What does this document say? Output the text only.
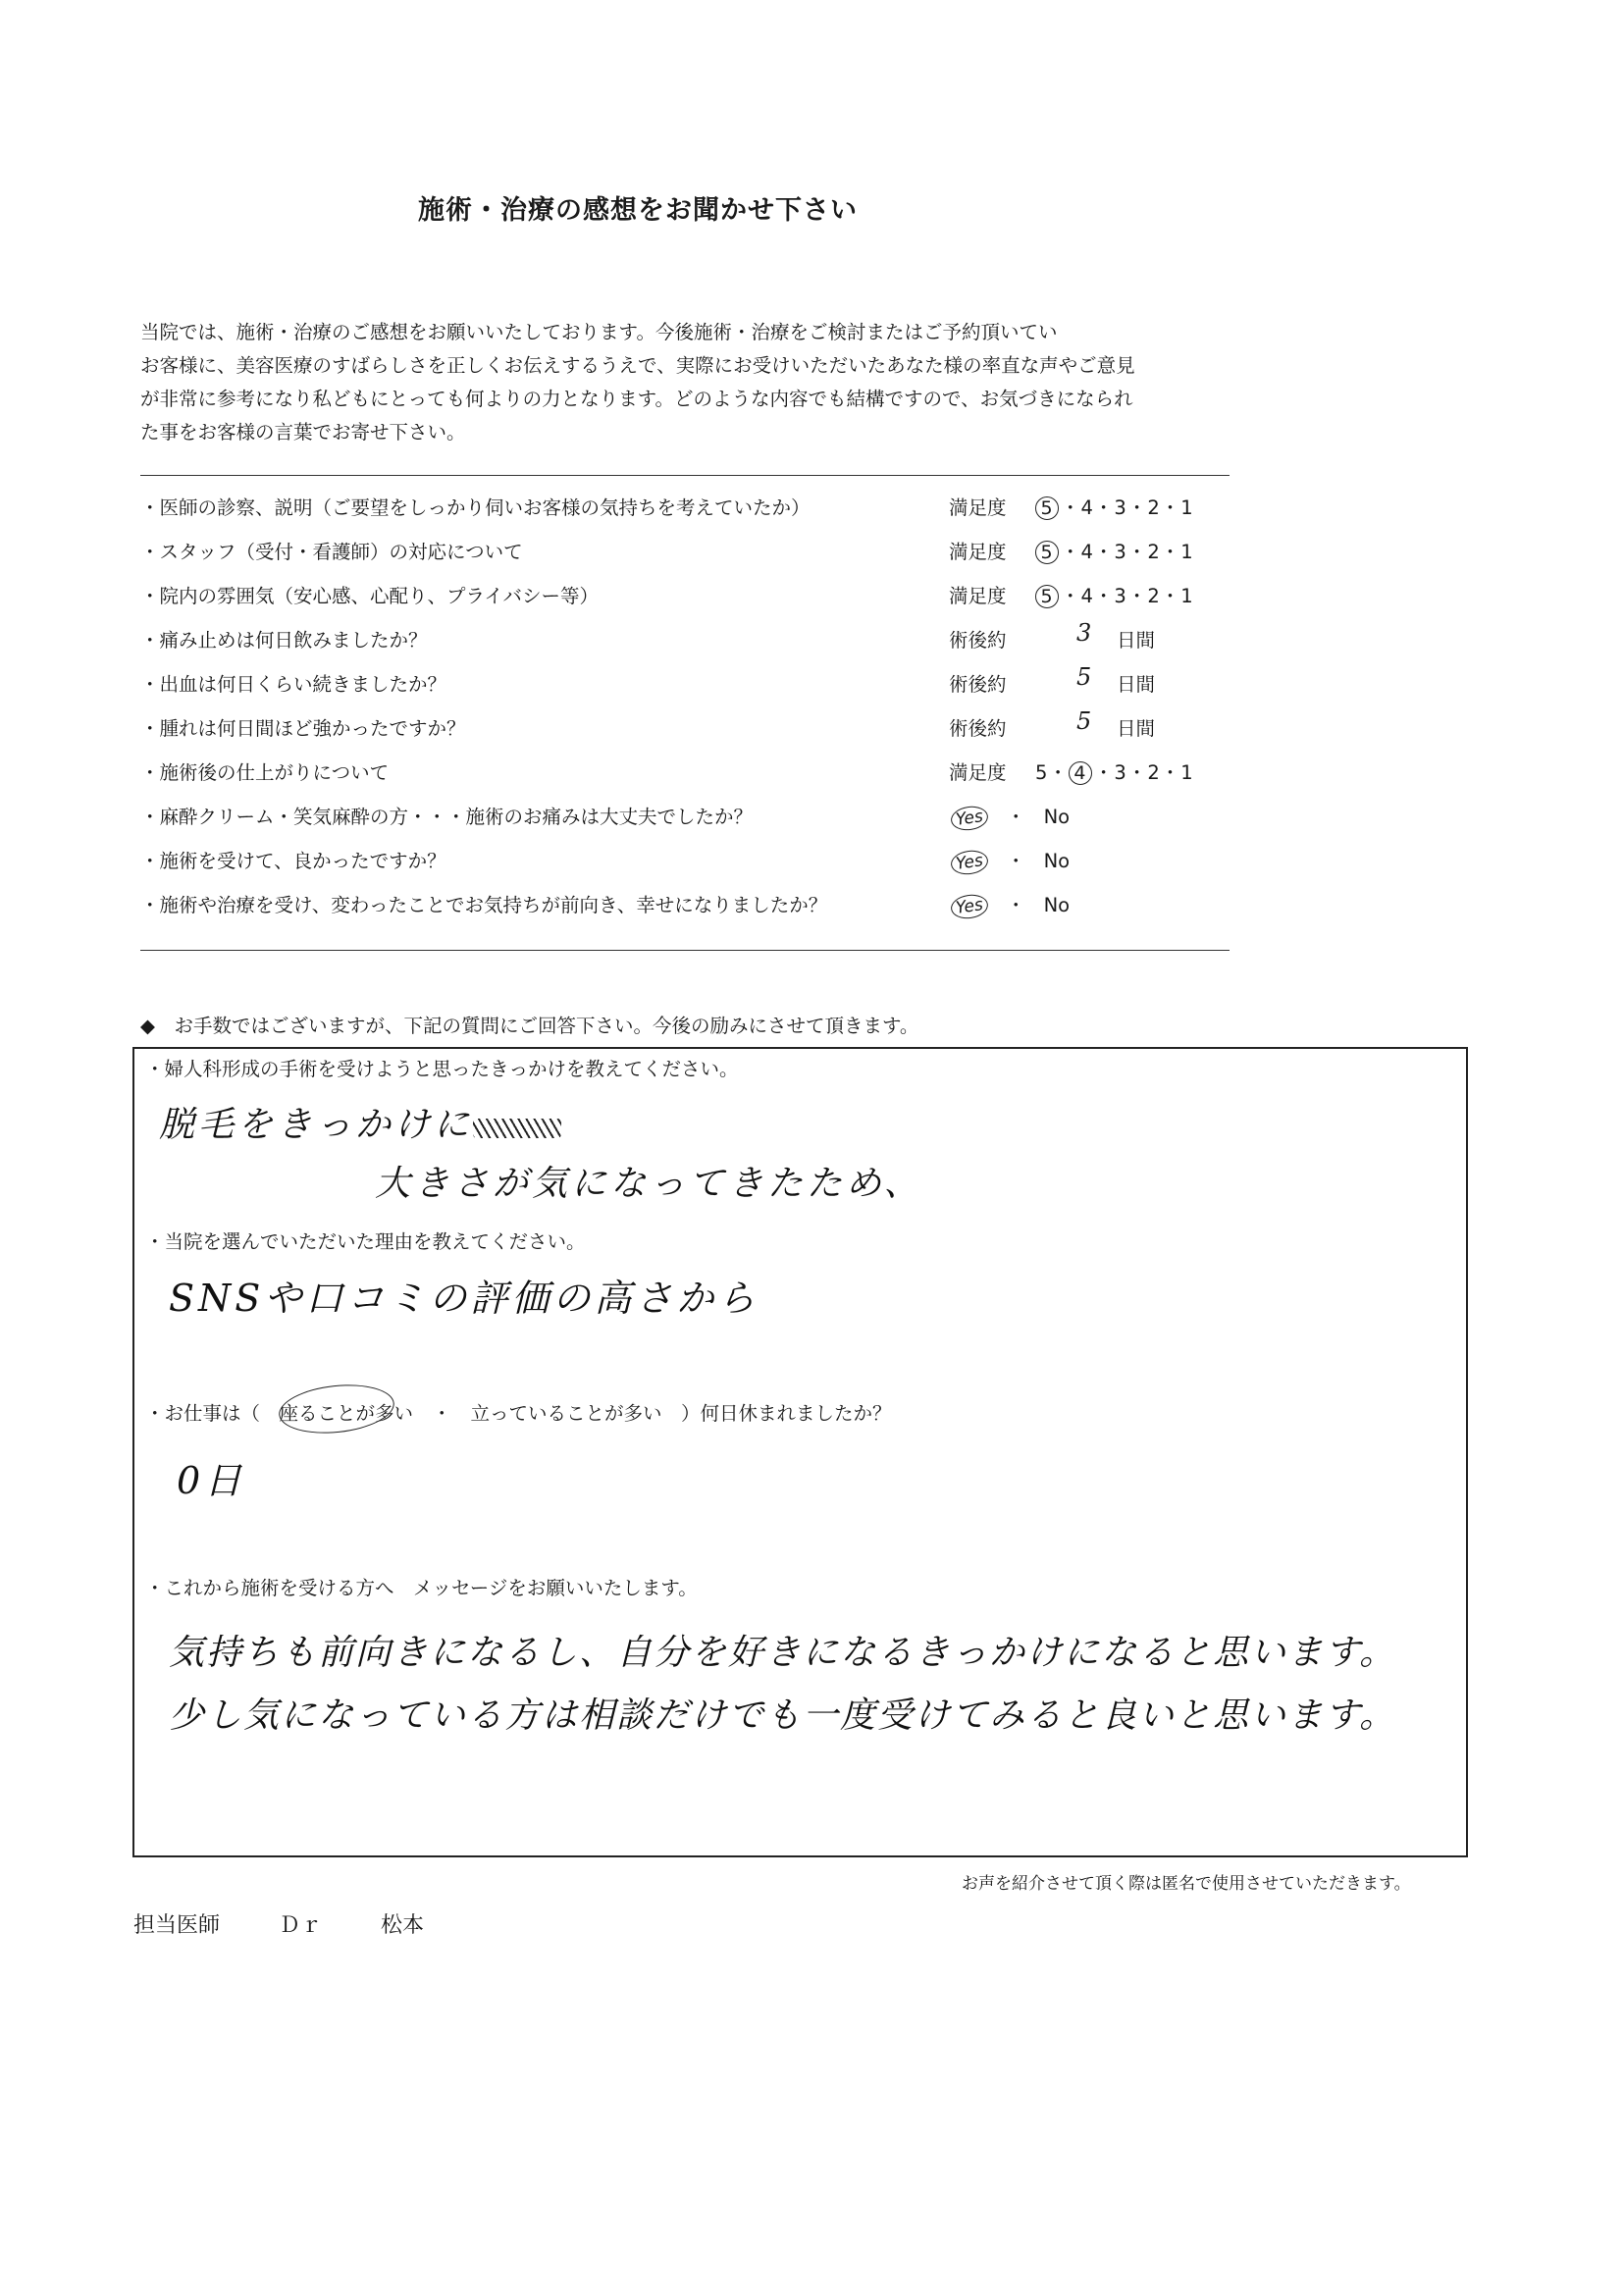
施術・治療の感想をお聞かせ下さい
当院では、施術・治療のご感想をお願いいたしております。今後施術・治療をご検討またはご予約頂いてい
お客様に、美容医療のすばらしさを正しくお伝えするうえで、実際にお受けいただいたあなた様の率直な声やご意見
が非常に参考になり私どもにとっても何よりの力となります。どのような内容でも結構ですので、お気づきになられ
た事をお客様の言葉でお寄せ下さい。
・医師の診察、説明（ご要望をしっかり伺いお客様の気持ちを考えていたか）	満足度 5 ・4・3・2・1
・スタッフ（受付・看護師）の対応について	満足度 5 ・4・3・2・1
・院内の雰囲気（安心感、心配り、プライバシー等）	満足度 5 ・4・3・2・1
・痛み止めは何日飲みましたか？	術後約	3 日間
・出血は何日くらい続きましたか？	術後約	5 日間
・腫れは何日間ほど強かったですか？	術後約	5 日間
・施術後の仕上がりについて	満足度 5・ 4 ・3・2・1
・麻酔クリーム・笑気麻酔の方・・・施術のお痛みは大丈夫でしたか？	Yes ・ No
・施術を受けて、良かったですか？	Yes ・ No
・施術や治療を受け、変わったことでお気持ちが前向き、幸せになりましたか？	Yes ・ No
◆　お手数ではございますが、下記の質問にご回答下さい。今後の励みにさせて頂きます。
・婦人科形成の手術を受けようと思ったきっかけを教えてください。
脱毛をきっかけに
大きさが気になってきたため、
・当院を選んでいただいた理由を教えてください。
SNSや口コミの評価の高さから
・お仕事は（　座ることが多い　・　立っていることが多い　）何日休まれましたか？
0日
・これから施術を受ける方へ　メッセージをお願いいたします。
気持ちも前向きになるし、自分を好きになるきっかけになると思います。
少し気になっている方は相談だけでも一度受けてみると良いと思います。
お声を紹介させて頂く際は匿名で使用させていただきます。
担当医師	Ｄｒ	松本
